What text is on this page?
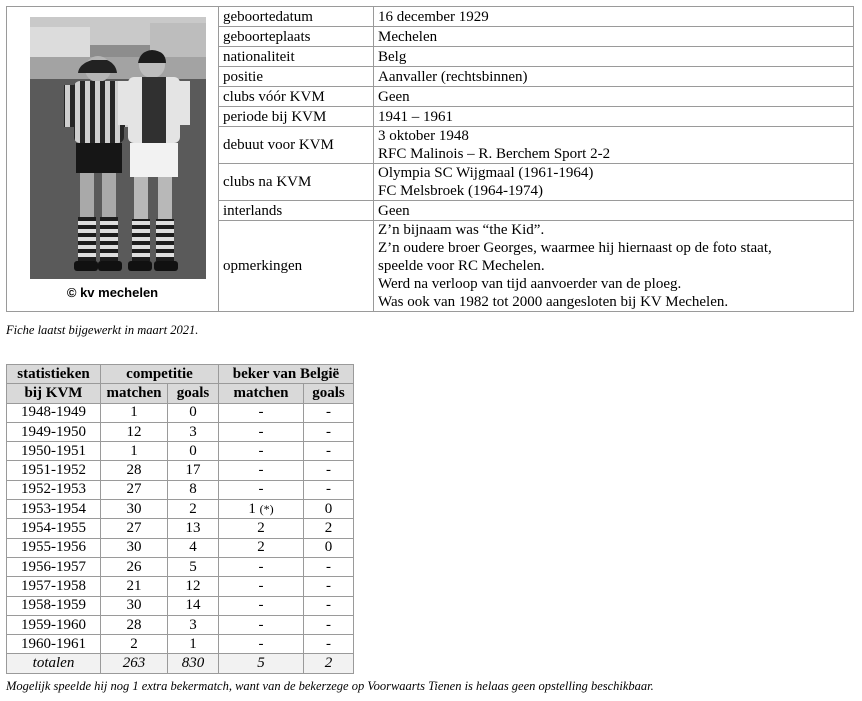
© kv mechelen	geboortedatum	16 december 1929
	geboorteplaats	Mechelen
	nationaliteit	Belg
	positie	Aanvaller (rechtsbinnen)
	clubs vóór KVM	Geen
	periode bij KVM	1941 – 1961
	debuut voor KVM	3 oktober 1948
RFC Malinois – R. Berchem Sport 2-2

	clubs na KVM	Olympia SC Wijgmaal (1961-1964)
FC Melsbroek (1964-1974)

	interlands	Geen
	opmerkingen	Z’n bijnaam was “the Kid”.
Z’n oudere broer Georges, waarmee hij hiernaast op de foto staat,
speelde voor RC Mechelen.
Werd na verloop van tijd aanvoerder van de ploeg.
Was ook van 1982 tot 2000 aangesloten bij KV Mechelen.
Fiche laatst bijgewerkt in maart 2021.
statistieken	competitie		beker van België	
bij KVM	matchen	goals	matchen	goals
1948-1949	1	0	-	-
1949-1950	12	3	-	-
1950-1951	1	0	-	-
1951-1952	28	17	-	-
1952-1953	27	8	-	-
1953-1954	30	2	1 (*)	0
1954-1955	27	13	2	2
1955-1956	30	4	2	0
1956-1957	26	5	-	-
1957-1958	21	12	-	-
1958-1959	30	14	-	-
1959-1960	28	3	-	-
1960-1961	2	1	-	-
totalen	263	830	5	2
Mogelijk speelde hij nog 1 extra bekermatch, want van de bekerzege op Voorwaarts Tienen is helaas geen opstelling beschikbaar.
